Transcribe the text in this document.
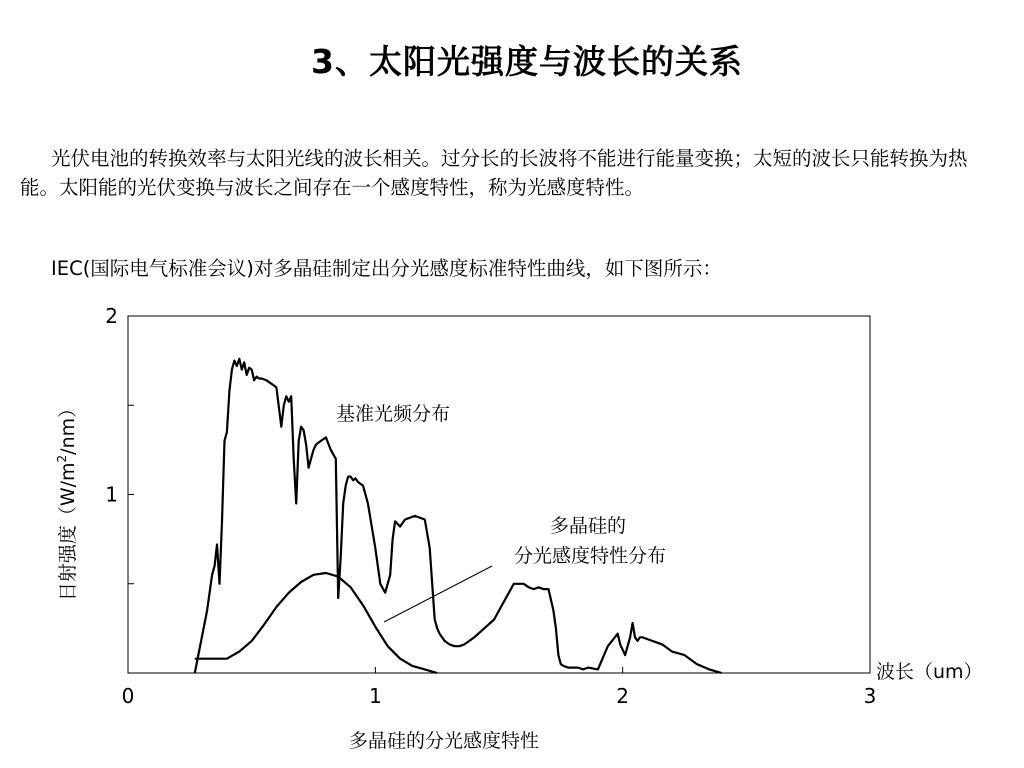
3、太阳光强度与波长的关系
光伏电池的转换效率与太阳光线的波长相关。过分长的长波将不能进行能量变换；太短的波长只能转换为热能。太阳能的光伏变换与波长之间存在一个感度特性，称为光感度特性。
IEC(国际电气标准会议)对多晶硅制定出分光感度标准特性曲线，如下图所示：
0	1	2	3
1
2
基准光频分布
多晶硅的
分光感度特性分布
波长（um）
日射强度$(W/m^2/nm)$
多晶硅的分光感度特性
